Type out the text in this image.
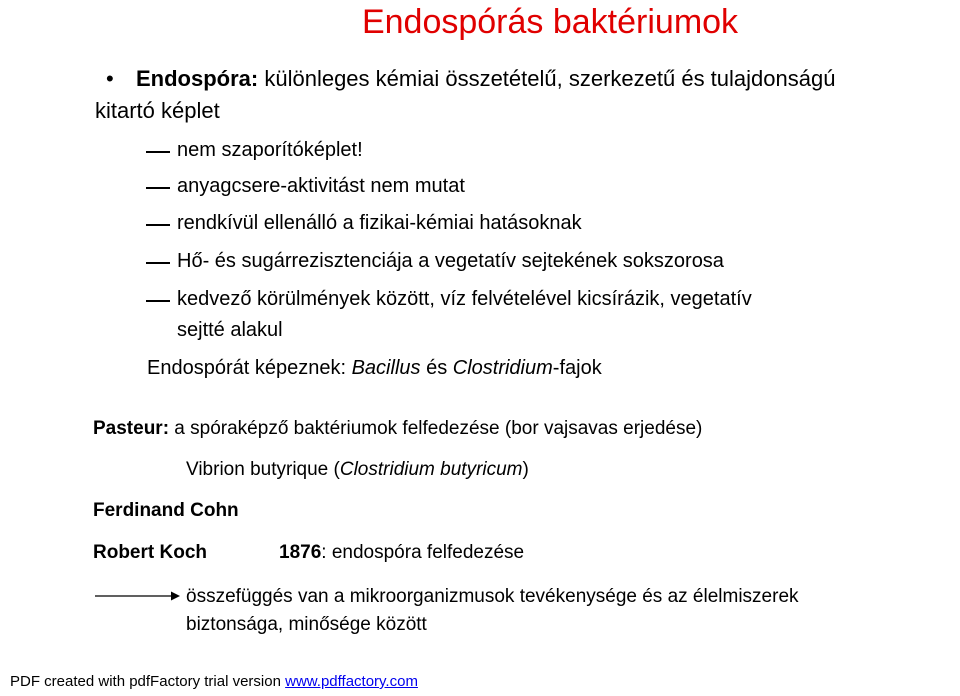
Endospórás baktériumok
• Endospóra: különleges kémiai összetételű, szerkezetű és tulajdonságú
kitartó képlet
nem szaporítóképlet!
anyagcsere-aktivitást nem mutat
rendkívül ellenálló a fizikai-kémiai hatásoknak
Hő- és sugárrezisztenciája a vegetatív sejtekének sokszorosa
kedvező körülmények között, víz felvételével kicsírázik, vegetatív
sejtté alakul
Endospórát képeznek: Bacillus és Clostridium-fajok
Pasteur: a spóraképző baktériumok felfedezése (bor vajsavas erjedése)
Vibrion butyrique (Clostridium butyricum)
Ferdinand Cohn
Robert Koch	1876: endospóra felfedezése
összefüggés van a mikroorganizmusok tevékenysége és az élelmiszerek
biztonsága, minősége között
PDF created with pdfFactory trial version www.pdffactory.com
